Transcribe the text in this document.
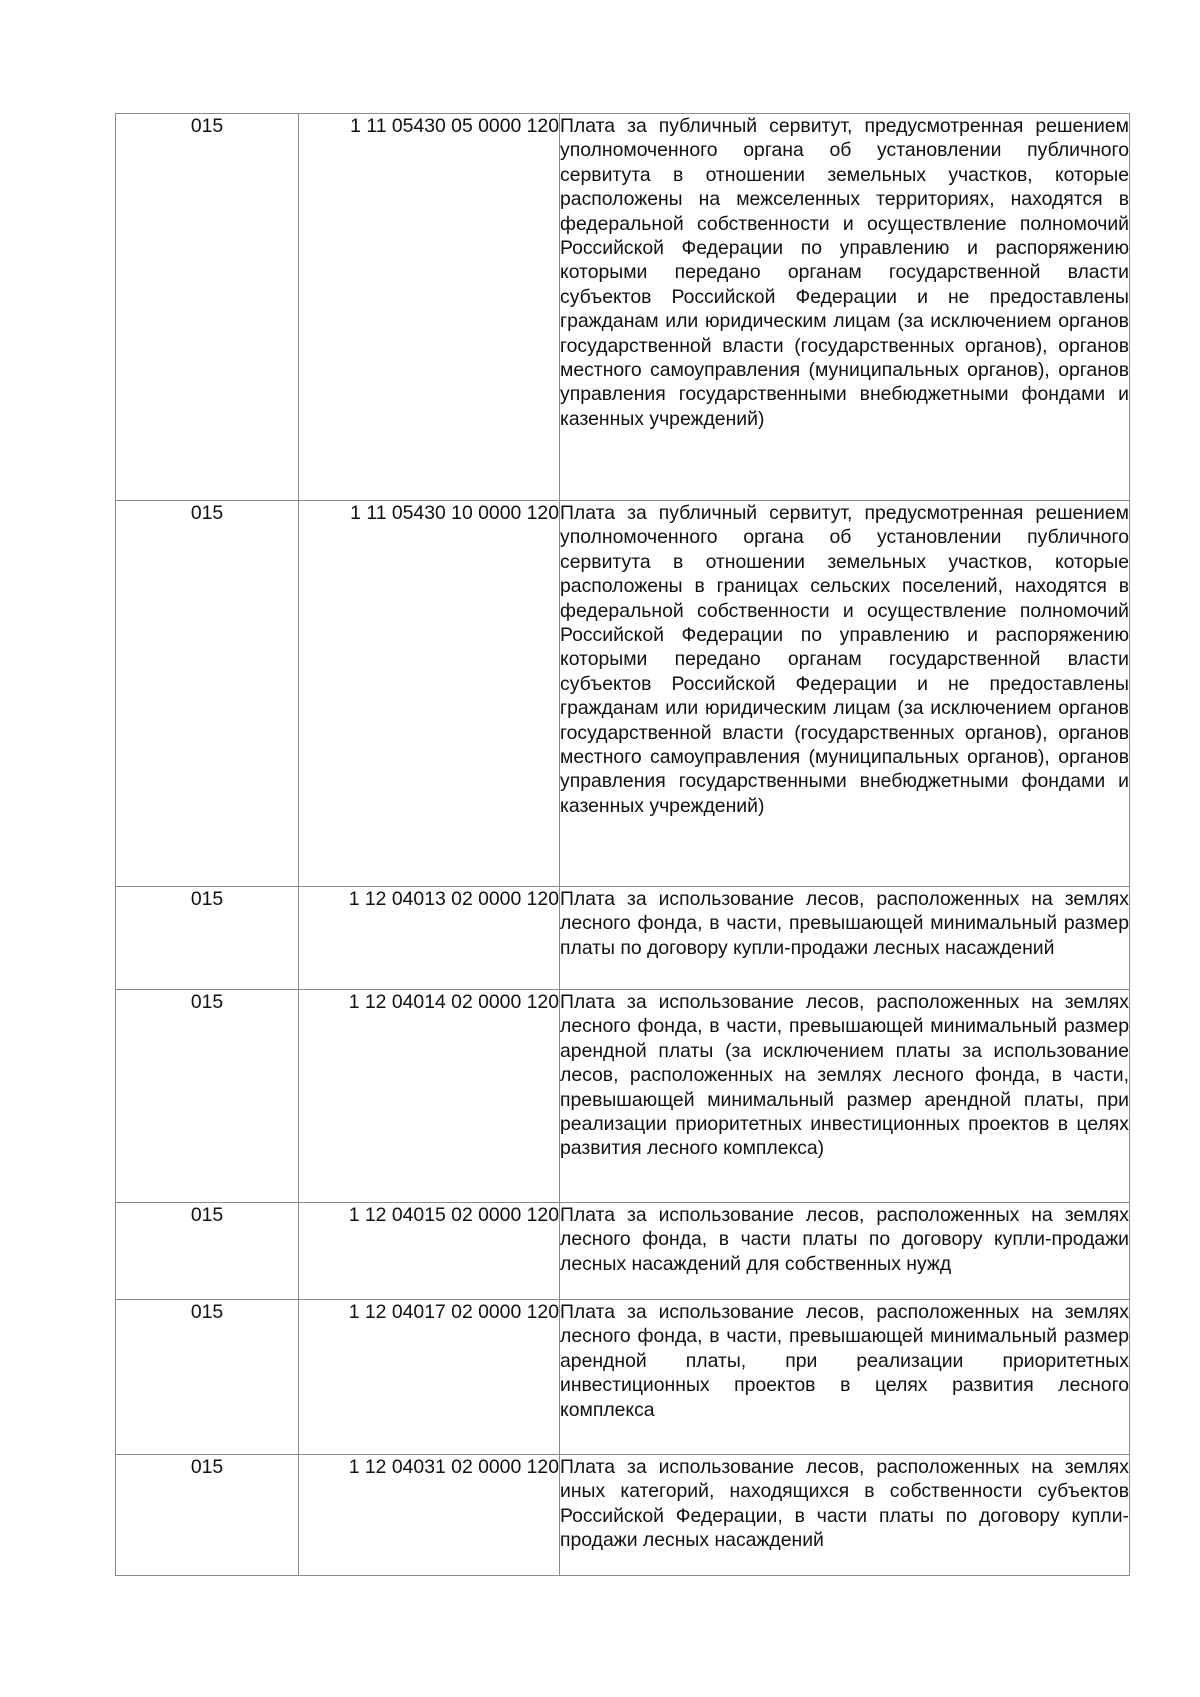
015	1 11 05430 05 0000 120	Плата за публичный сервитут, предусмотренная решением уполномоченного органа об установлении публичного сервитута в отношении земельных участков, которые расположены на межселенных территориях, находятся в федеральной собственности и осуществление полномочий Российской Федерации по управлению и распоряжению которыми передано органам государственной власти субъектов Российской Федерации и не предоставлены гражданам или юридическим лицам (за исключением органов государственной власти (государственных органов), органов местного самоуправления (муниципальных органов), органов управления государственными внебюджетными фондами и казенных учреждений)
015	1 11 05430 10 0000 120	Плата за публичный сервитут, предусмотренная решением уполномоченного органа об установлении публичного сервитута в отношении земельных участков, которые расположены в границах сельских поселений, находятся в федеральной собственности и осуществление полномочий Российской Федерации по управлению и распоряжению которыми передано органам государственной власти субъектов Российской Федерации и не предоставлены гражданам или юридическим лицам (за исключением органов государственной власти (государственных органов), органов местного самоуправления (муниципальных органов), органов управления государственными внебюджетными фондами и казенных учреждений)
015	1 12 04013 02 0000 120	Плата за использование лесов, расположенных на землях лесного фонда, в части, превышающей минимальный размер платы по договору купли-продажи лесных насаждений
015	1 12 04014 02 0000 120	Плата за использование лесов, расположенных на землях лесного фонда, в части, превышающей минимальный размер арендной платы (за исключением платы за использование лесов, расположенных на землях лесного фонда, в части, превышающей минимальный размер арендной платы, при реализации приоритетных инвестиционных проектов в целях развития лесного комплекса)
015	1 12 04015 02 0000 120	Плата за использование лесов, расположенных на землях лесного фонда, в части платы по договору купли-продажи лесных насаждений для собственных нужд
015	1 12 04017 02 0000 120	Плата за использование лесов, расположенных на землях лесного фонда, в части, превышающей минимальный размер арендной платы, при реализации приоритетных инвестиционных проектов в целях развития лесного комплекса
015	1 12 04031 02 0000 120	Плата за использование лесов, расположенных на землях иных категорий, находящихся в собственности субъектов Российской Федерации, в части платы по договору купли-продажи лесных насаждений
